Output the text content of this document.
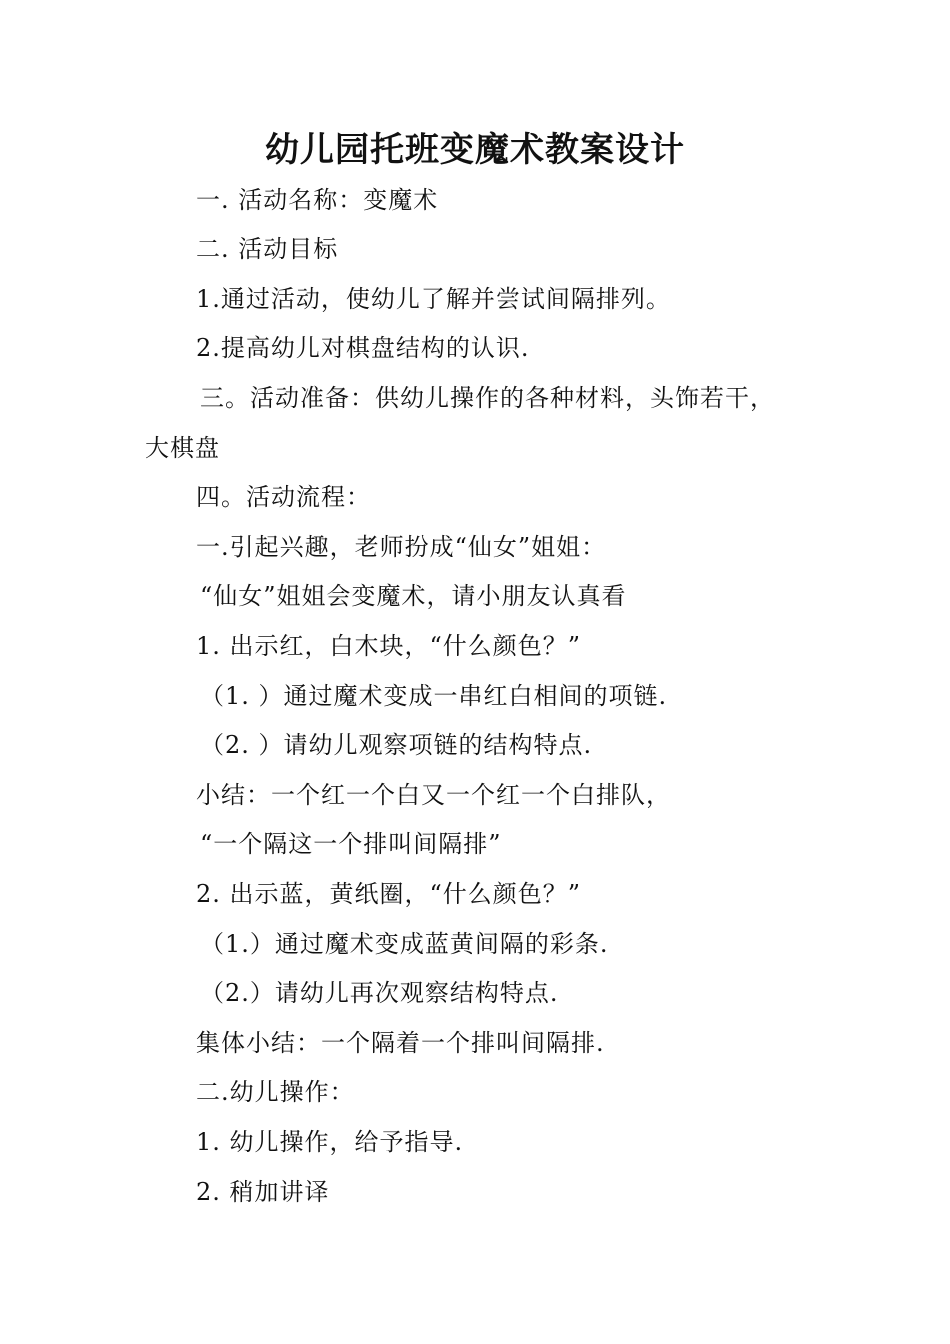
幼儿园托班变魔术教案设计
一. 活动名称：变魔术
二. 活动目标
1.通过活动，使幼儿了解并尝试间隔排列。
2.提高幼儿对棋盘结构的认识.
三。活动准备：供幼儿操作的各种材料，头饰若干，
大棋盘
四。活动流程：
一.引起兴趣，老师扮成“仙女”姐姐：
“仙女”姐姐会变魔术，请小朋友认真看
1. 出示红，白木块，“什么颜色？”
（1. ）通过魔术变成一串红白相间的项链.
（2. ）请幼儿观察项链的结构特点.
小结：一个红一个白又一个红一个白排队，
“一个隔这一个排叫间隔排”
2. 出示蓝，黄纸圈，“什么颜色？”
（1.）通过魔术变成蓝黄间隔的彩条.
（2.）请幼儿再次观察结构特点.
集体小结：一个隔着一个排叫间隔排.
二.幼儿操作：
1. 幼儿操作，给予指导.
2. 稍加讲译
